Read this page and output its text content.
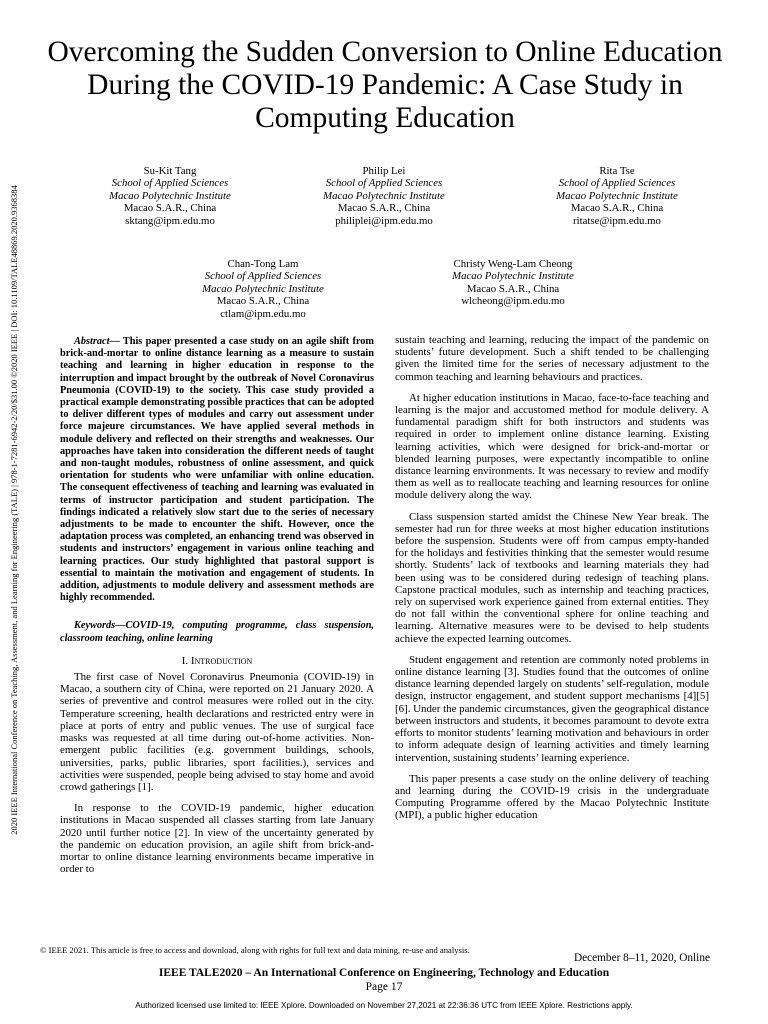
2020 IEEE International Conference on Teaching, Assessment, and Learning for Engineering (TALE) | 978-1-7281-6942-2/20/$31.00 ©2020 IEEE | DOI: 10.1109/TALE48869.2020.9368384
Overcoming the Sudden Conversion to Online Education During the COVID-19 Pandemic: A Case Study in Computing Education
Su-Kit Tang
School of Applied Sciences
Macao Polytechnic Institute
Macao S.A.R., China
sktang@ipm.edu.mo
Philip Lei
School of Applied Sciences
Macao Polytechnic Institute
Macao S.A.R., China
philiplei@ipm.edu.mo
Rita Tse
School of Applied Sciences
Macao Polytechnic Institute
Macao S.A.R., China
ritatse@ipm.edu.mo
Chan-Tong Lam
School of Applied Sciences
Macao Polytechnic Institute
Macao S.A.R., China
ctlam@ipm.edu.mo
Christy Weng-Lam Cheong
Macao Polytechnic Institute
Macao S.A.R., China
wlcheong@ipm.edu.mo
Abstract— This paper presented a case study on an agile shift from brick-and-mortar to online distance learning as a measure to sustain teaching and learning in higher education in response to the interruption and impact brought by the outbreak of Novel Coronavirus Pneumonia (COVID-19) to the society. This case study provided a practical example demonstrating possible practices that can be adopted to deliver different types of modules and carry out assessment under force majeure circumstances. We have applied several methods in module delivery and reflected on their strengths and weaknesses. Our approaches have taken into consideration the different needs of taught and non-taught modules, robustness of online assessment, and quick orientation for students who were unfamiliar with online education. The consequent effectiveness of teaching and learning was evaluated in terms of instructor participation and student participation. The findings indicated a relatively slow start due to the series of necessary adjustments to be made to encounter the shift. However, once the adaptation process was completed, an enhancing trend was observed in students and instructors’ engagement in various online teaching and learning practices. Our study highlighted that pastoral support is essential to maintain the motivation and engagement of students. In addition, adjustments to module delivery and assessment methods are highly recommended.
Keywords—COVID-19, computing programme, class suspension, classroom teaching, online learning
I. Introduction

The first case of Novel Coronavirus Pneumonia (COVID-19) in Macao, a southern city of China, were reported on 21 January 2020. A series of preventive and control measures were rolled out in the city. Temperature screening, health declarations and restricted entry were in place at ports of entry and public venues. The use of surgical face masks was requested at all time during out-of-home activities. Non-emergent public facilities (e.g. government buildings, schools, universities, parks, public libraries, sport facilities.), services and activities were suspended, people being advised to stay home and avoid crowd gatherings [1].

In response to the COVID-19 pandemic, higher education institutions in Macao suspended all classes starting from late January 2020 until further notice [2]. In view of the uncertainty generated by the pandemic on education provision, an agile shift from brick-and-mortar to online distance learning environments became imperative in order to

sustain teaching and learning, reducing the impact of the pandemic on students’ future development. Such a shift tended to be challenging given the limited time for the series of necessary adjustment to the common teaching and learning behaviours and practices.

At higher education institutions in Macao, face-to-face teaching and learning is the major and accustomed method for module delivery. A fundamental paradigm shift for both instructors and students was required in order to implement online distance learning. Existing learning activities, which were designed for brick-and-mortar or blended learning purposes, were expectantly incompatible to online distance learning environments. It was necessary to review and modify them as well as to reallocate teaching and learning resources for online module delivery along the way.

Class suspension started amidst the Chinese New Year break. The semester had run for three weeks at most higher education institutions before the suspension. Students were off from campus empty-handed for the holidays and festivities thinking that the semester would resume shortly. Students’ lack of textbooks and learning materials they had been using was to be considered during redesign of teaching plans. Capstone practical modules, such as internship and teaching practices, rely on supervised work experience gained from external entities. They do not fall within the conventional sphere for online teaching and learning. Alternative measures were to be devised to help students achieve the expected learning outcomes.

Student engagement and retention are commonly noted problems in online distance learning [3]. Studies found that the outcomes of online distance learning depended largely on students’ self-regulation, module design, instructor engagement, and student support mechanisms [4][5][6]. Under the pandemic circumstances, given the geographical distance between instructors and students, it becomes paramount to devote extra efforts to monitor students’ learning motivation and behaviours in order to inform adequate design of learning activities and timely learning intervention, sustaining students’ learning experience.

This paper presents a case study on the online delivery of teaching and learning during the COVID-19 crisis in the undergraduate Computing Programme offered by the Macao Polytechnic Institute (MPI), a public higher education

© IEEE 2021. This article is free to access and download, along with rights for full text and data mining, re-use and analysis.
December 8–11, 2020, Online
IEEE TALE2020 – An International Conference on Engineering, Technology and Education
Page 17
Authorized licensed use limited to: IEEE Xplore. Downloaded on November 27,2021 at 22:36:36 UTC from IEEE Xplore. Restrictions apply.
